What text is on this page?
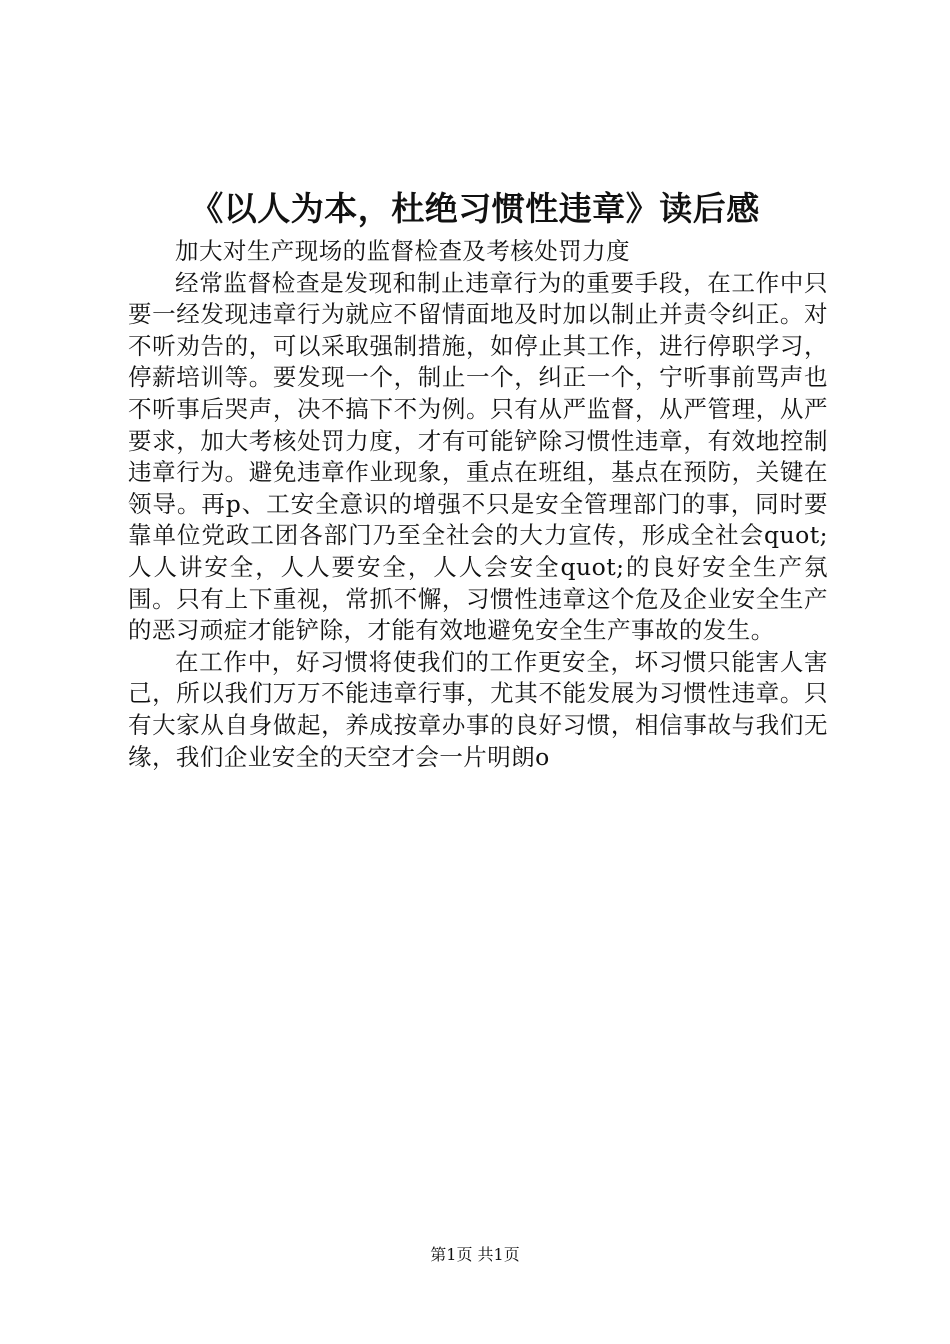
《以人为本，杜绝习惯性违章》读后感

加大对生产现场的监督检查及考核处罚力度

经常监督检查是发现和制止违章行为的重要手段，在工作中只要一经发现违章行为就应不留情面地及时加以制止并责令纠正。对不听劝告的，可以采取强制措施，如停止其工作，进行停职学习，停薪培训等。要发现一个，制止一个，纠正一个，宁听事前骂声也不听事后哭声，决不搞下不为例。只有从严监督，从严管理，从严要求，加大考核处罚力度，才有可能铲除习惯性违章，有效地控制违章行为。避免违章作业现象，重点在班组，基点在预防，关键在领导。再p、工安全意识的增强不只是安全管理部门的事，同时要靠单位党政工团各部门乃至全社会的大力宣传，形成全社会quot;人人讲安全，人人要安全，人人会安全quot;的良好安全生产氛围。只有上下重视，常抓不懈，习惯性违章这个危及企业安全生产的恶习顽症才能铲除，才能有效地避免安全生产事故的发生。

在工作中，好习惯将使我们的工作更安全，坏习惯只能害人害己，所以我们万万不能违章行事，尤其不能发展为习惯性违章。只有大家从自身做起，养成按章办事的良好习惯，相信事故与我们无缘，我们企业安全的天空才会一片明朗o

第1页 共1页
